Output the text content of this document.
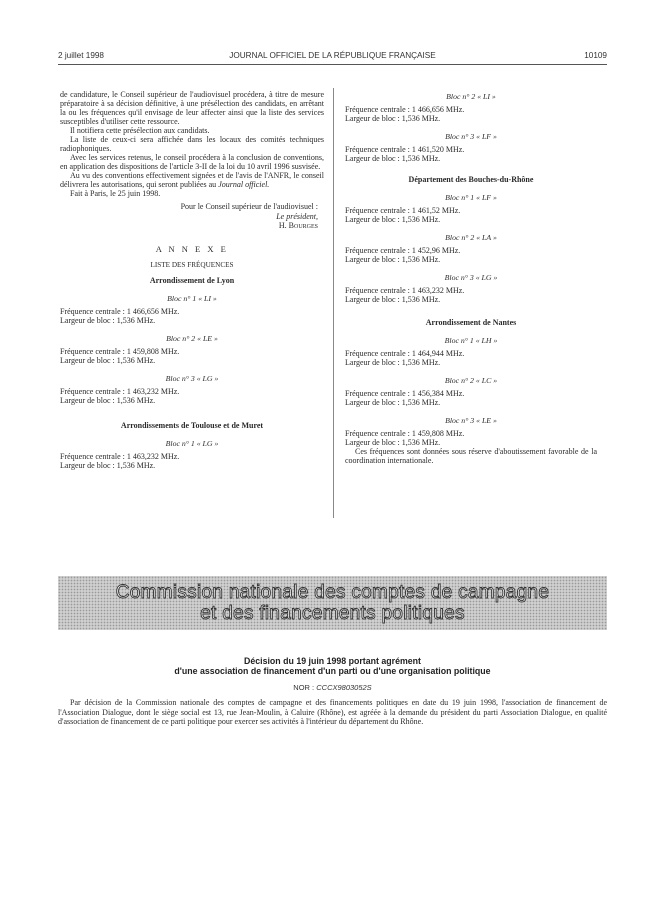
2 juillet 1998	JOURNAL OFFICIEL DE LA RÉPUBLIQUE FRANÇAISE	10109

de candidature, le Conseil supérieur de l'audiovisuel procédera, à titre de mesure préparatoire à sa décision définitive, à une présélection des candidats, en arrêtant la ou les fréquences qu'il envisage de leur affecter ainsi que la liste des services susceptibles d'utiliser cette ressource.

Il notifiera cette présélection aux candidats.

La liste de ceux-ci sera affichée dans les locaux des comités techniques radiophoniques.

Avec les services retenus, le conseil procédera à la conclusion de conventions, en application des dispositions de l'article 3-II de la loi du 10 avril 1996 susvisée.

Au vu des conventions effectivement signées et de l'avis de l'ANFR, le conseil délivrera les autorisations, qui seront publiées au Journal officiel.

Fait à Paris, le 25 juin 1998.

Pour le Conseil supérieur de l'audiovisuel :
Le président,
H. Bourges
A N N E X E
LISTE DES FRÉQUENCES
Arrondissement de Lyon
Bloc n° 1 « LI »
Fréquence centrale : 1 466,656 MHz.
Largeur de bloc : 1,536 MHz.
Bloc n° 2 « LE »
Fréquence centrale : 1 459,808 MHz.
Largeur de bloc : 1,536 MHz.
Bloc n° 3 « LG »
Fréquence centrale : 1 463,232 MHz.
Largeur de bloc : 1,536 MHz.
Arrondissements de Toulouse et de Muret
Bloc n° 1 « LG »
Fréquence centrale : 1 463,232 MHz.
Largeur de bloc : 1,536 MHz.
Bloc n° 2 « LI »
Fréquence centrale : 1 466,656 MHz.
Largeur de bloc : 1,536 MHz.
Bloc n° 3 « LF »
Fréquence centrale : 1 461,520 MHz.
Largeur de bloc : 1,536 MHz.
Département des Bouches-du-Rhône
Bloc n° 1 « LF »
Fréquence centrale : 1 461,52 MHz.
Largeur de bloc : 1,536 MHz.
Bloc n° 2 « LA »
Fréquence centrale : 1 452,96 MHz.
Largeur de bloc : 1,536 MHz.
Bloc n° 3 « LG »
Fréquence centrale : 1 463,232 MHz.
Largeur de bloc : 1,536 MHz.
Arrondissement de Nantes
Bloc n° 1 « LH »
Fréquence centrale : 1 464,944 MHz.
Largeur de bloc : 1,536 MHz.
Bloc n° 2 « LC »
Fréquence centrale : 1 456,384 MHz.
Largeur de bloc : 1,536 MHz.
Bloc n° 3 « LE »
Fréquence centrale : 1 459,808 MHz.
Largeur de bloc : 1,536 MHz.

Ces fréquences sont données sous réserve d'aboutissement favorable de la coordination internationale.

Commission nationale des comptes de campagne
et des financements politiques
Décision du 19 juin 1998 portant agrément
d'une association de financement d'un parti ou d'une organisation politique
NOR : CCCX9803052S

Par décision de la Commission nationale des comptes de campagne et des financements politiques en date du 19 juin 1998, l'association de financement de l'Association Dialogue, dont le siège social est 13, rue Jean-Moulin, à Caluire (Rhône), est agréée à la demande du président du parti Association Dialogue, en qualité d'association de financement de ce parti politique pour exercer ses activités à l'intérieur du département du Rhône.
